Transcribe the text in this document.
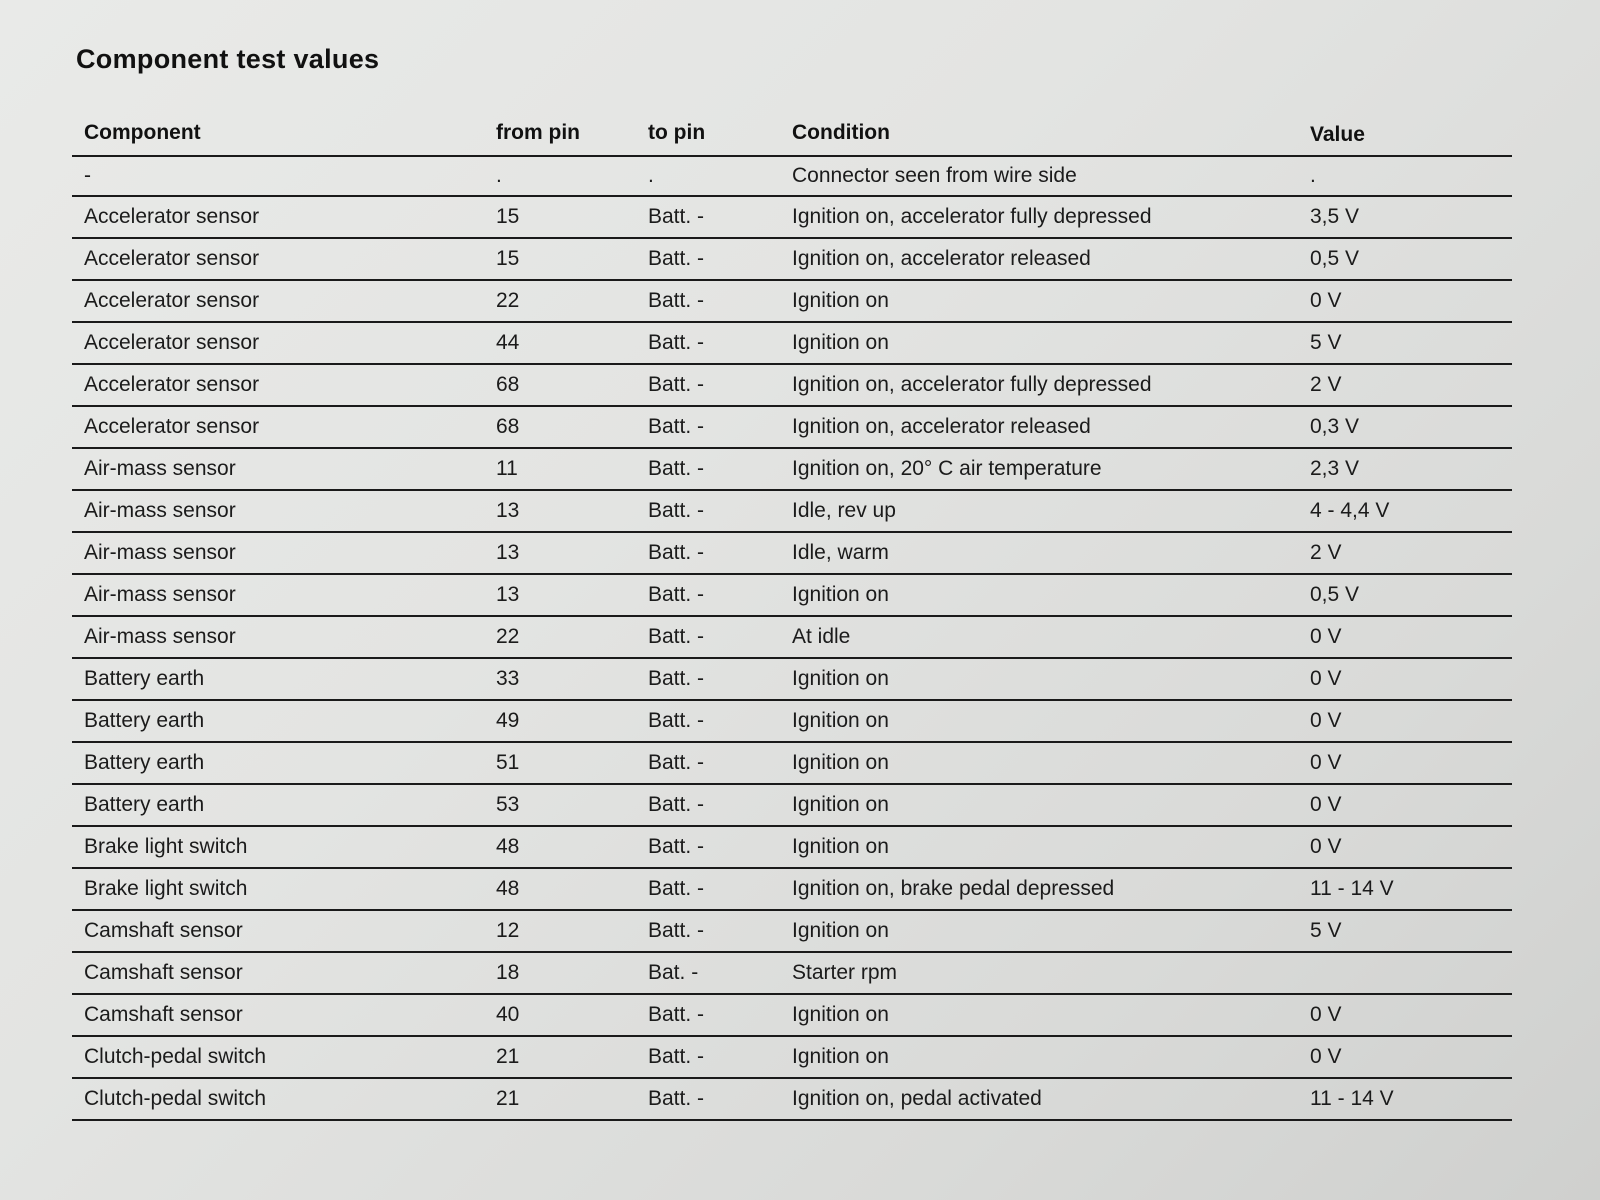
Component test values
Component	from pin	to pin	Condition	Value
-	.	.	Connector seen from wire side	.
Accelerator sensor	15	Batt. -	Ignition on, accelerator fully depressed	3,5 V
Accelerator sensor	15	Batt. -	Ignition on, accelerator released	0,5 V
Accelerator sensor	22	Batt. -	Ignition on	0 V
Accelerator sensor	44	Batt. -	Ignition on	5 V
Accelerator sensor	68	Batt. -	Ignition on, accelerator fully depressed	2 V
Accelerator sensor	68	Batt. -	Ignition on, accelerator released	0,3 V
Air-mass sensor	11	Batt. -	Ignition on, 20° C air temperature	2,3 V
Air-mass sensor	13	Batt. -	Idle, rev up	4 - 4,4 V
Air-mass sensor	13	Batt. -	Idle, warm	2 V
Air-mass sensor	13	Batt. -	Ignition on	0,5 V
Air-mass sensor	22	Batt. -	At idle	0 V
Battery earth	33	Batt. -	Ignition on	0 V
Battery earth	49	Batt. -	Ignition on	0 V
Battery earth	51	Batt. -	Ignition on	0 V
Battery earth	53	Batt. -	Ignition on	0 V
Brake light switch	48	Batt. -	Ignition on	0 V
Brake light switch	48	Batt. -	Ignition on, brake pedal depressed	11 - 14 V
Camshaft sensor	12	Batt. -	Ignition on	5 V
Camshaft sensor	18	Bat. -	Starter rpm	
Camshaft sensor	40	Batt. -	Ignition on	0 V
Clutch-pedal switch	21	Batt. -	Ignition on	0 V
Clutch-pedal switch	21	Batt. -	Ignition on, pedal activated	11 - 14 V
